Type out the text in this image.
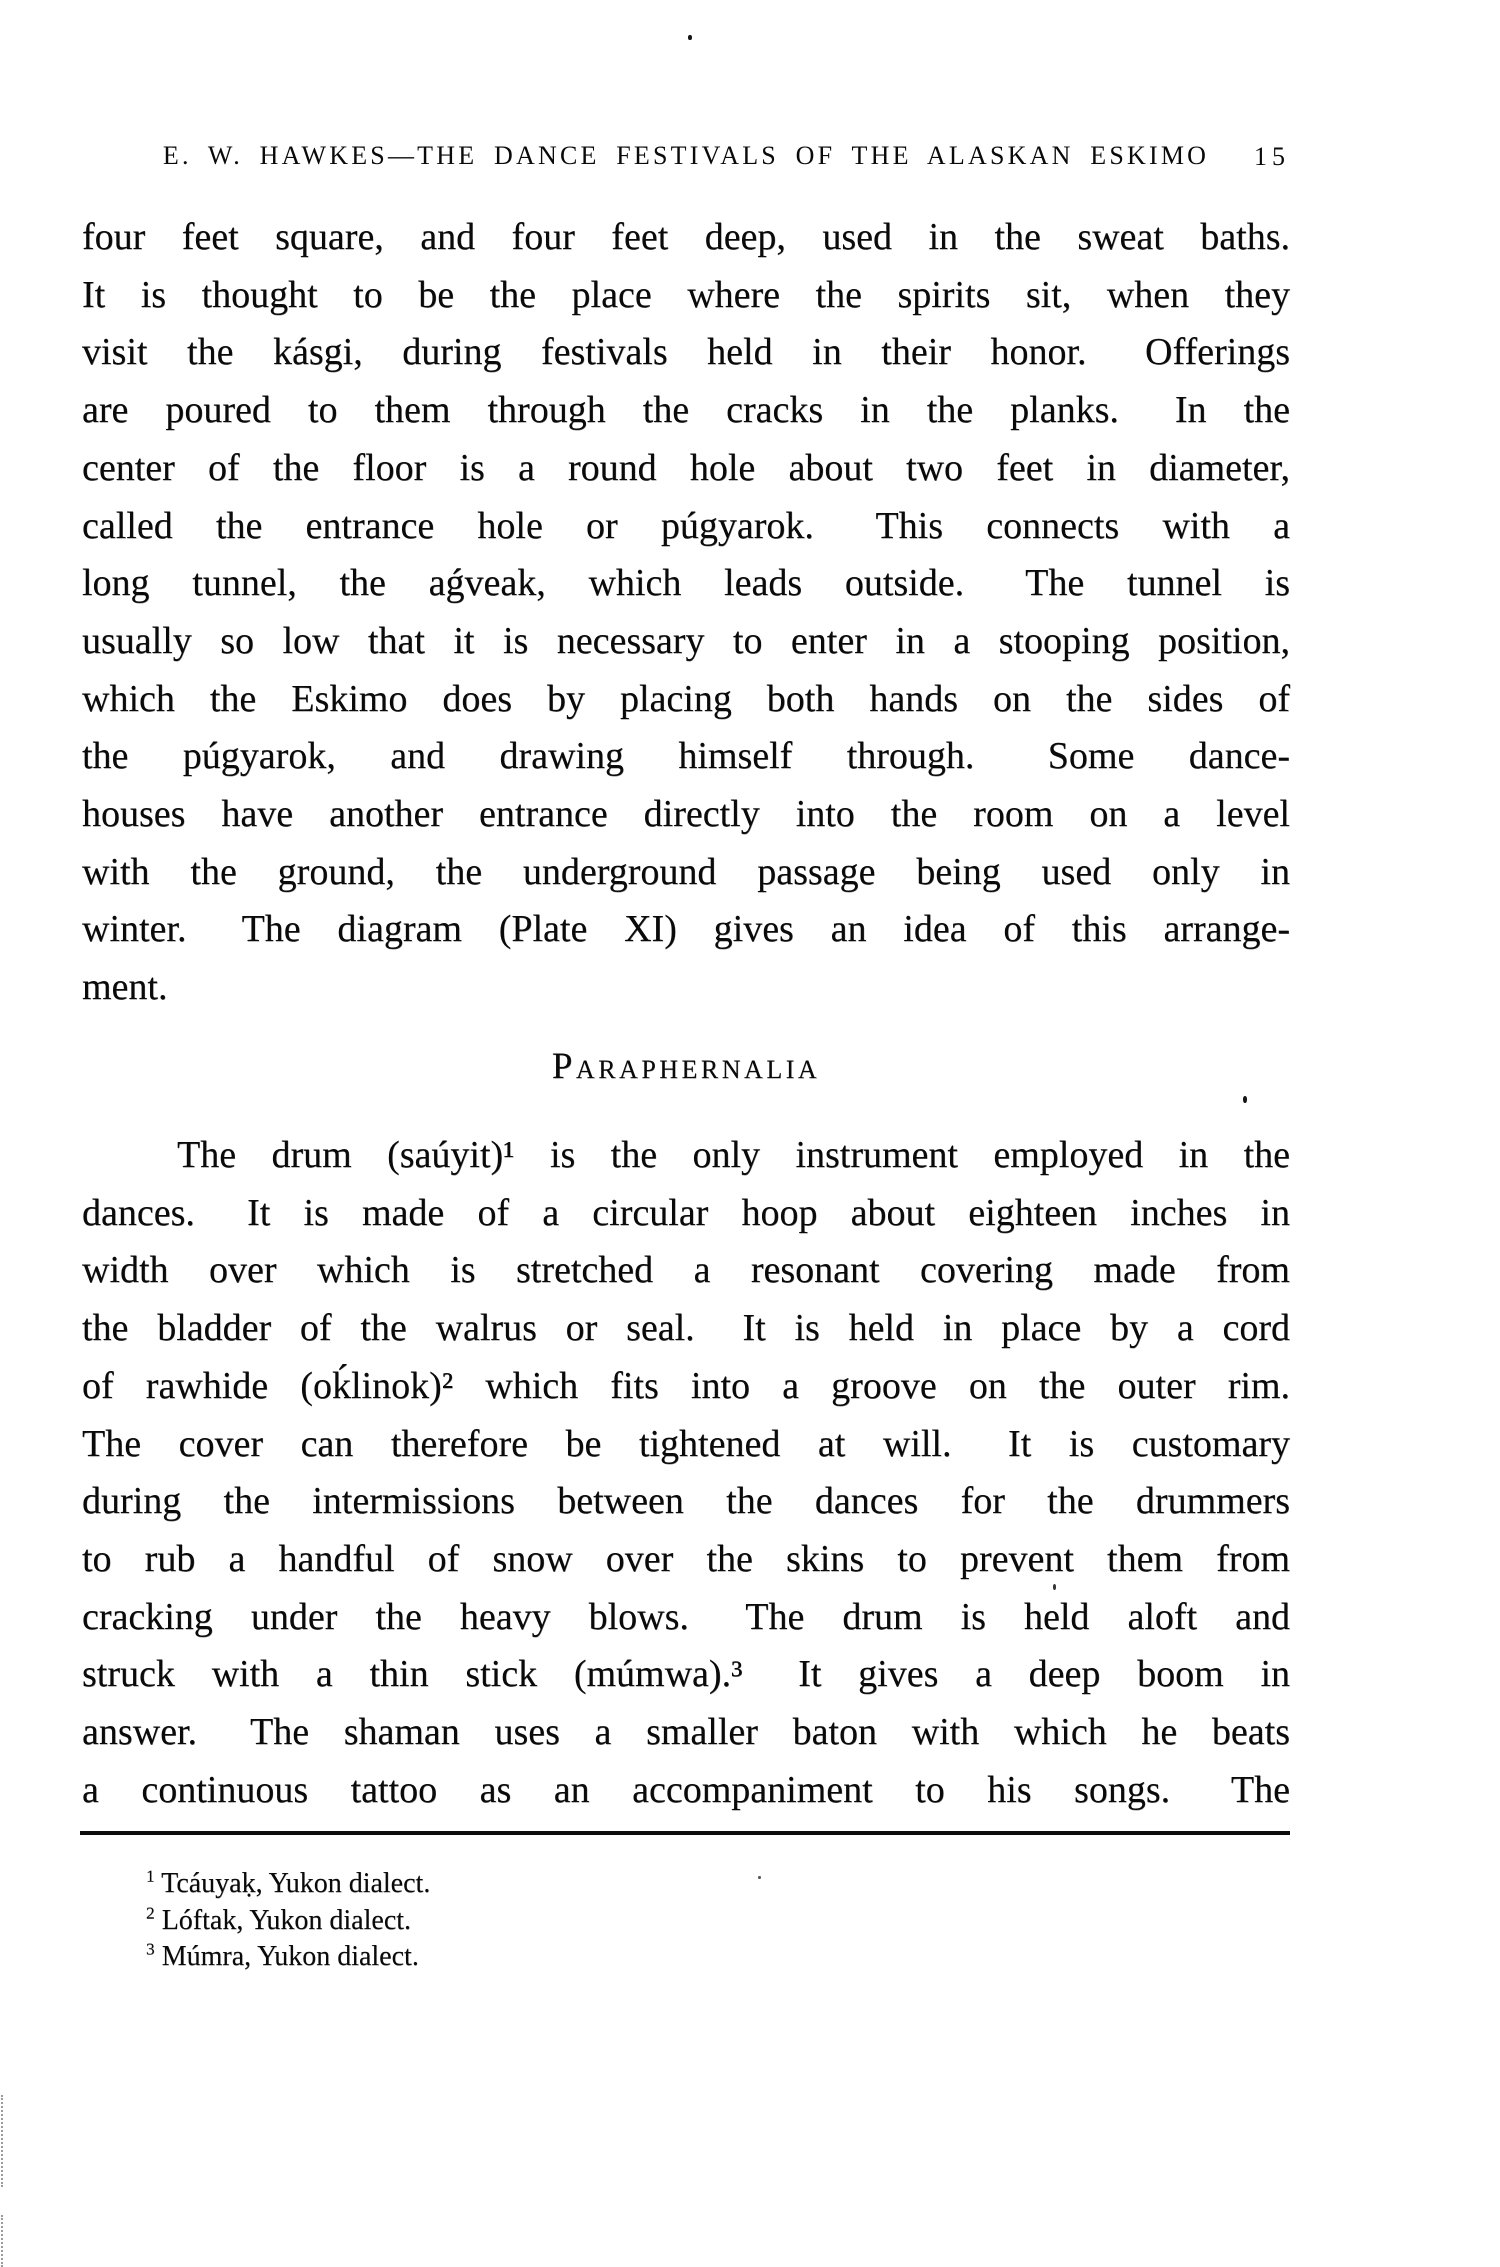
E. W. HAWKES—THE DANCE FESTIVALS OF THE ALASKAN ESKIMO	15
four feet square, and four feet deep, used in the sweat baths.
It is thought to be the place where the spirits sit, when they
visit the kásgi, during festivals held in their honor.  Offerings
are poured to them through the cracks in the planks.  In the
center of the floor is a round hole about two feet in diameter,
called the entrance hole or púgyarok.  This connects with a
long tunnel, the aǵveak, which leads outside.  The tunnel is
usually so low that it is necessary to enter in a stooping position,
which the Eskimo does by placing both hands on the sides of
the púgyarok, and drawing himself through.  Some dance-
houses have another entrance directly into the room on a level
with the ground, the underground passage being used only in
winter.  The diagram (Plate XI) gives an idea of this arrange-
ment.
Paraphernalia
The drum (saúyit)¹ is the only instrument employed in the
dances.  It is made of a circular hoop about eighteen inches in
width over which is stretched a resonant covering made from
the bladder of the walrus or seal.  It is held in place by a cord
of rawhide (oḱlinok)² which fits into a groove on the outer rim.
The cover can therefore be tightened at will.  It is customary
during the intermissions between the dances for the drummers
to rub a handful of snow over the skins to prevent them from
cracking under the heavy blows.  The drum is held aloft and
struck with a thin stick (múmwa).³  It gives a deep boom in
answer.  The shaman uses a smaller baton with which he beats
a continuous tattoo as an accompaniment to his songs.  The
$^1$ Tcáuyaḳ, Yukon dialect.
$^2$ Lóftak, Yukon dialect.
$^3$ Múmra, Yukon dialect.
